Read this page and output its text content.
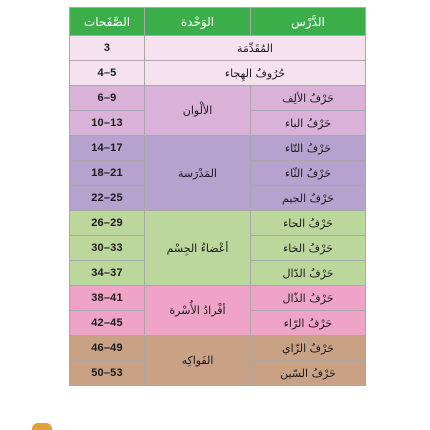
الصَّفَحات	الوَحْدة	الدَّرْس
3	المُقَدِّمَة	
4–5	حُرُوفُ الهِجاء	
6–9	الألْوان	حَرْفُ الألِف
10–13		حَرْفُ الباء
14–17	المَدْرَسة	حَرْفُ التّاء
18–21		حَرْفُ الثّاء
22–25		حَرْفُ الجيم
26–29	أعْضاءُ الجِسْم	حَرْفُ الحاء
30–33		حَرْفُ الخاء
34–37		حَرْفُ الدّال
38–41	أفْرادُ الأُسْرة	حَرْفُ الذّال
42–45		حَرْفُ الرّاء
46–49	الفَواكِه	حَرْفُ الزّاي
50–53		حَرْفُ السّين
